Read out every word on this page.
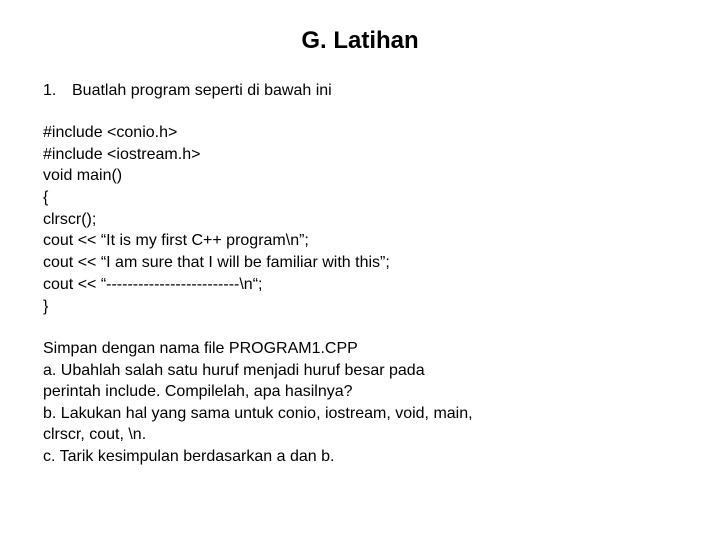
G. Latihan
1. Buatlah program seperti di bawah ini
#include <conio.h>
#include <iostream.h>
void main()
{
clrscr();
cout << “It is my first C++ program\n”;
cout << “I am sure that I will be familiar with this”;
cout << “-------------------------\n“;
}
Simpan dengan nama file PROGRAM1.CPP
a. Ubahlah salah satu huruf menjadi huruf besar pada
perintah include. Compilelah, apa hasilnya?
b. Lakukan hal yang sama untuk conio, iostream, void, main,
clrscr, cout, \n.
c. Tarik kesimpulan berdasarkan a dan b.
